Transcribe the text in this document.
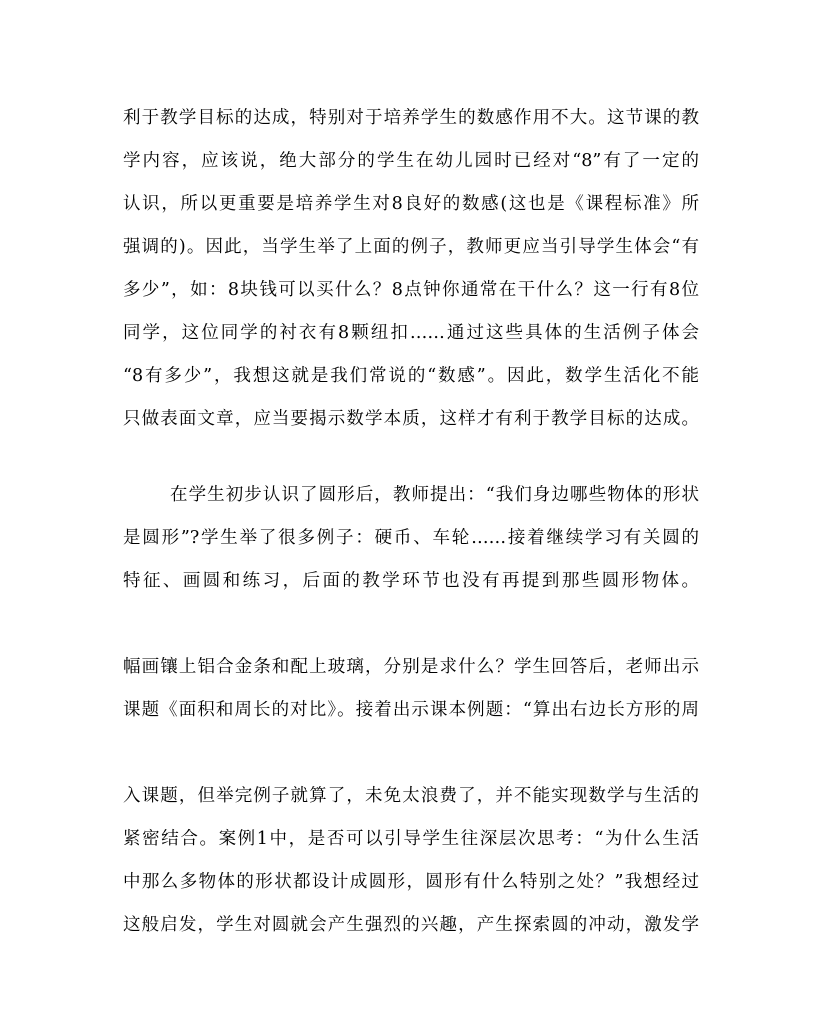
利于教学目标的达成，特别对于培养学生的数感作用不大。这节课的教
学内容，应该说，绝大部分的学生在幼儿园时已经对“8”有了一定的
认识，所以更重要是培养学生对8良好的数感(这也是《课程标准》所
强调的)。因此，当学生举了上面的例子，教师更应当引导学生体会“有
多少”，如：8块钱可以买什么？8点钟你通常在干什么？这一行有8位
同学，这位同学的衬衣有8颗纽扣……通过这些具体的生活例子体会
“8有多少”，我想这就是我们常说的“数感”。因此，数学生活化不能
只做表面文章，应当要揭示数学本质，这样才有利于教学目标的达成。
在学生初步认识了圆形后，教师提出：“我们身边哪些物体的形状
是圆形”?学生举了很多例子：硬币、车轮……接着继续学习有关圆的
特征、画圆和练习，后面的教学环节也没有再提到那些圆形物体。
幅画镶上铝合金条和配上玻璃，分别是求什么？学生回答后，老师出示
课题《面积和周长的对比》。接着出示课本例题：“算出右边长方形的周
入课题，但举完例子就算了，未免太浪费了，并不能实现数学与生活的
紧密结合。案例1中，是否可以引导学生往深层次思考：“为什么生活
中那么多物体的形状都设计成圆形，圆形有什么特别之处？”我想经过
这般启发，学生对圆就会产生强烈的兴趣，产生探索圆的冲动，激发学
